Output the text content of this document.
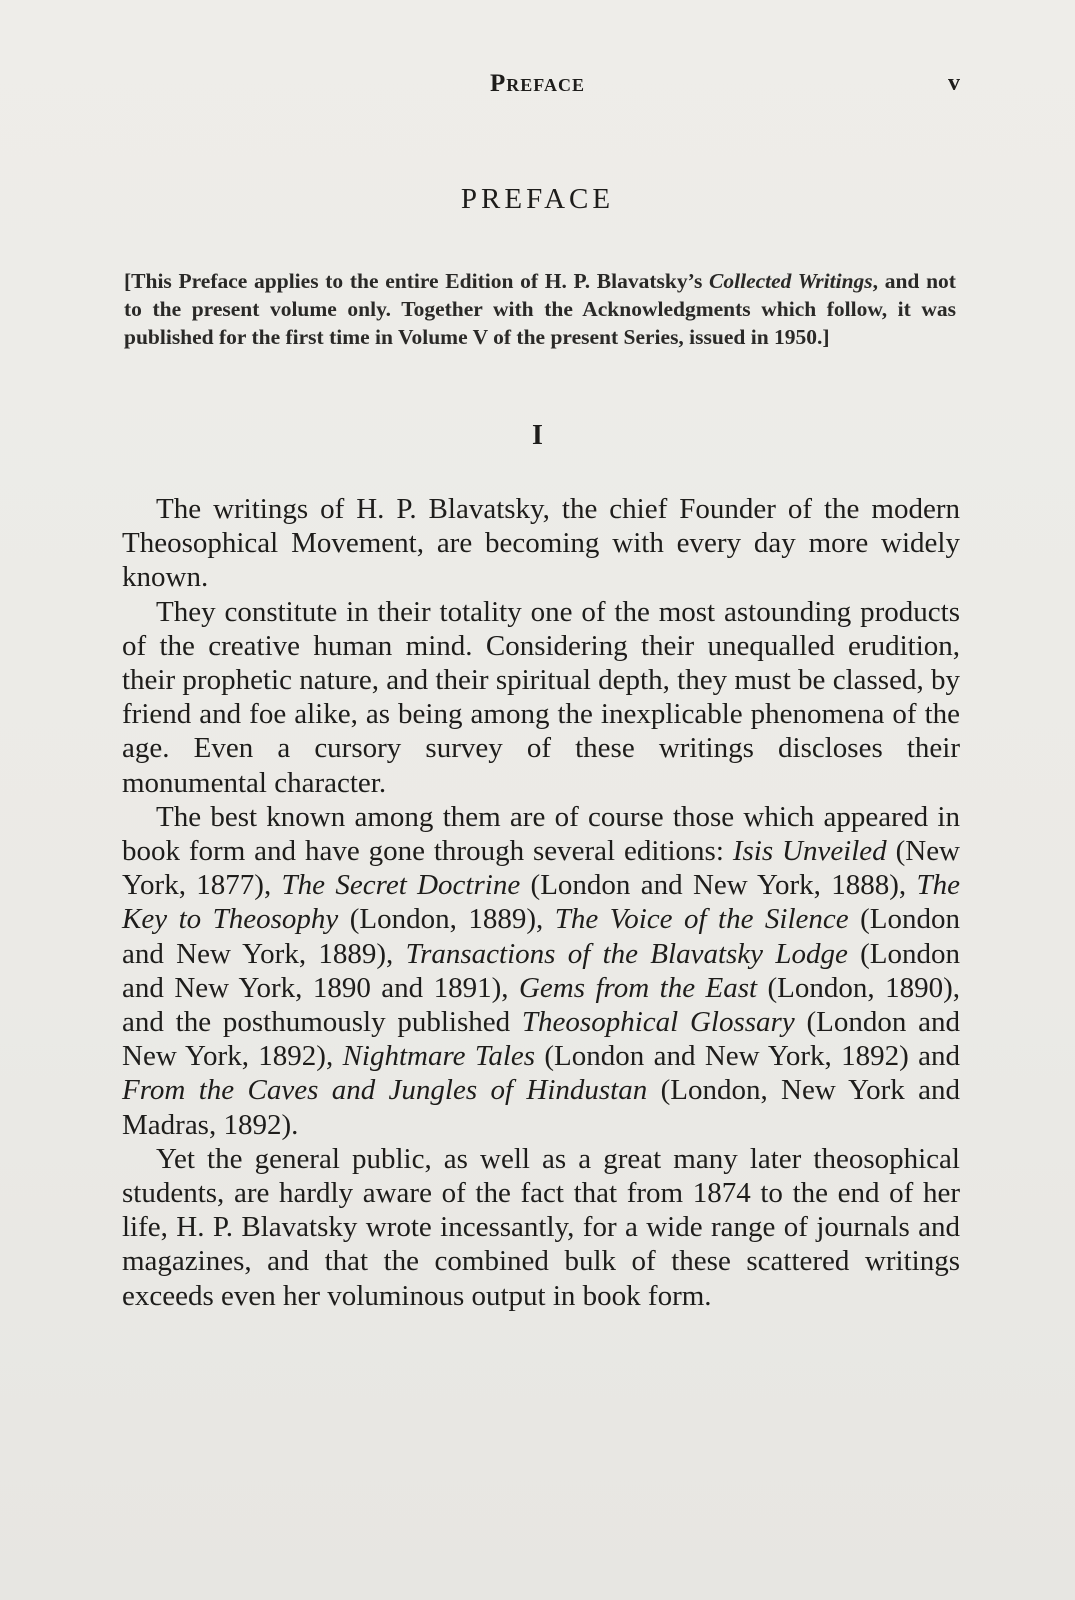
Preface	v
PREFACE
[This Preface applies to the entire Edition of H. P. Blavatsky’s Collected Writings, and not to the present volume only. Together with the Acknowledgments which follow, it was published for the first time in Volume V of the present Series, issued in 1950.]
I

The writings of H. P. Blavatsky, the chief Founder of the modern Theosophical Movement, are becoming with every day more widely known.

They constitute in their totality one of the most astounding products of the creative human mind. Considering their unequalled erudition, their prophetic nature, and their spiritual depth, they must be classed, by friend and foe alike, as being among the inexplicable phenomena of the age. Even a cursory survey of these writings discloses their monumental character.

The best known among them are of course those which appeared in book form and have gone through several editions: Isis Unveiled (New York, 1877), The Secret Doctrine (London and New York, 1888), The Key to Theosophy (London, 1889), The Voice of the Silence (London and New York, 1889), Transactions of the Blavatsky Lodge (London and New York, 1890 and 1891), Gems from the East (London, 1890), and the posthumously published Theosophical Glossary (London and New York, 1892), Nightmare Tales (London and New York, 1892) and From the Caves and Jungles of Hindustan (London, New York and Madras, 1892).

Yet the general public, as well as a great many later theosophical students, are hardly aware of the fact that from 1874 to the end of her life, H. P. Blavatsky wrote incessantly, for a wide range of journals and magazines, and that the combined bulk of these scattered writings exceeds even her voluminous output in book form.
